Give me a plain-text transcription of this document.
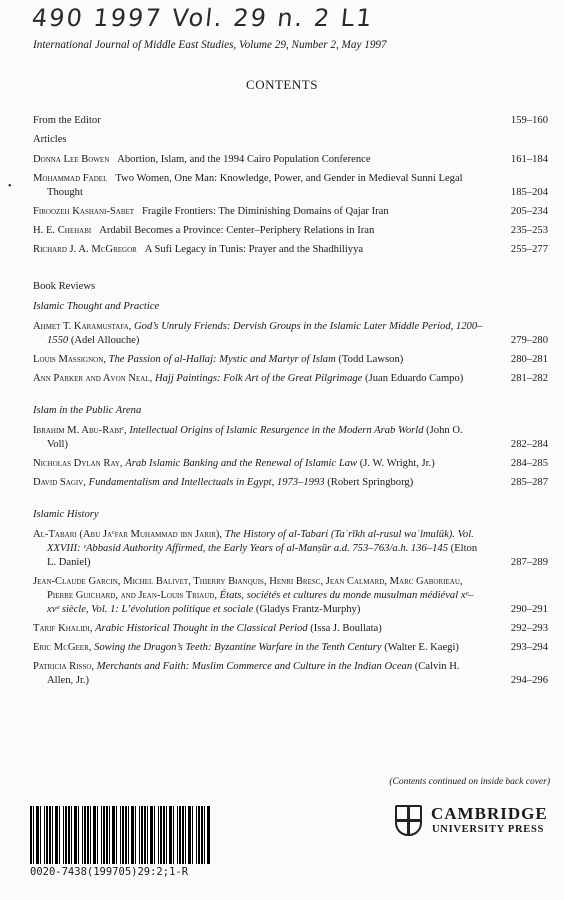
490 1997 Vol. 29 n. 2 L1
International Journal of Middle East Studies, Volume 29, Number 2, May 1997
CONTENTS
•
From the Editor	159–160
Articles
Donna Lee Bowen Abortion, Islam, and the 1994 Cairo Population Conference	161–184
Mohammad Fadel Two Women, One Man: Knowledge, Power, and Gender in Medieval Sunni Legal Thought	185–204
Firoozeh Kashani-Sabet Fragile Frontiers: The Diminishing Domains of Qajar Iran	205–234
H. E. Chehabi Ardabil Becomes a Province: Center–Periphery Relations in Iran	235–253
Richard J. A. McGregor A Sufi Legacy in Tunis: Prayer and the Shadhiliyya	255–277
Book Reviews
Islamic Thought and Practice
Ahmet T. Karamustafa, God’s Unruly Friends: Dervish Groups in the Islamic Later Middle Period, 1200–1550 (Adel Allouche)	279–280
Louis Massignon, The Passion of al-Hallaj: Mystic and Martyr of Islam (Todd Lawson)	280–281
Ann Parker and Avon Neal, Hajj Paintings: Folk Art of the Great Pilgrimage (Juan Eduardo Campo)	281–282
Islam in the Public Arena
Ibrahim M. Abu-Rabiᶜ, Intellectual Origins of Islamic Resurgence in the Modern Arab World (John O. Voll)	282–284
Nicholas Dylan Ray, Arab Islamic Banking and the Renewal of Islamic Law (J. W. Wright, Jr.)	284–285
David Sagiv, Fundamentalism and Intellectuals in Egypt, 1973–1993 (Robert Springborg)	285–287
Islamic History
Al-Tabari (Abu Jaᶜfar Muhammad ibn Jarir), The History of al-Tabari (Taʾrīkh al-rusul waʾlmulūk). Vol. XXVIII: ᶜAbbasid Authority Affirmed, the Early Years of al-Manṣūr a.d. 753–763/a.h. 136–145 (Elton L. Daniel)	287–289
Jean-Claude Garcin, Michel Balivet, Thierry Bianquis, Henri Bresc, Jean Calmard, Marc Gaborieau, Pierre Guichard, and Jean-Louis Triaud, États, sociétés et cultures du monde musulman médiéval xᵉ–xvᵉ siècle, Vol. 1: L’évolution politique et sociale (Gladys Frantz-Murphy)	290–291
Tarif Khalidi, Arabic Historical Thought in the Classical Period (Issa J. Boullata)	292–293
Eric McGeer, Sowing the Dragon’s Teeth: Byzantine Warfare in the Tenth Century (Walter E. Kaegi)	293–294
Patricia Risso, Merchants and Faith: Muslim Commerce and Culture in the Indian Ocean (Calvin H. Allen, Jr.)	294–296
(Contents continued on inside back cover)
0020-7438(199705)29:2;1-R
CAMBRIDGE
UNIVERSITY PRESS
